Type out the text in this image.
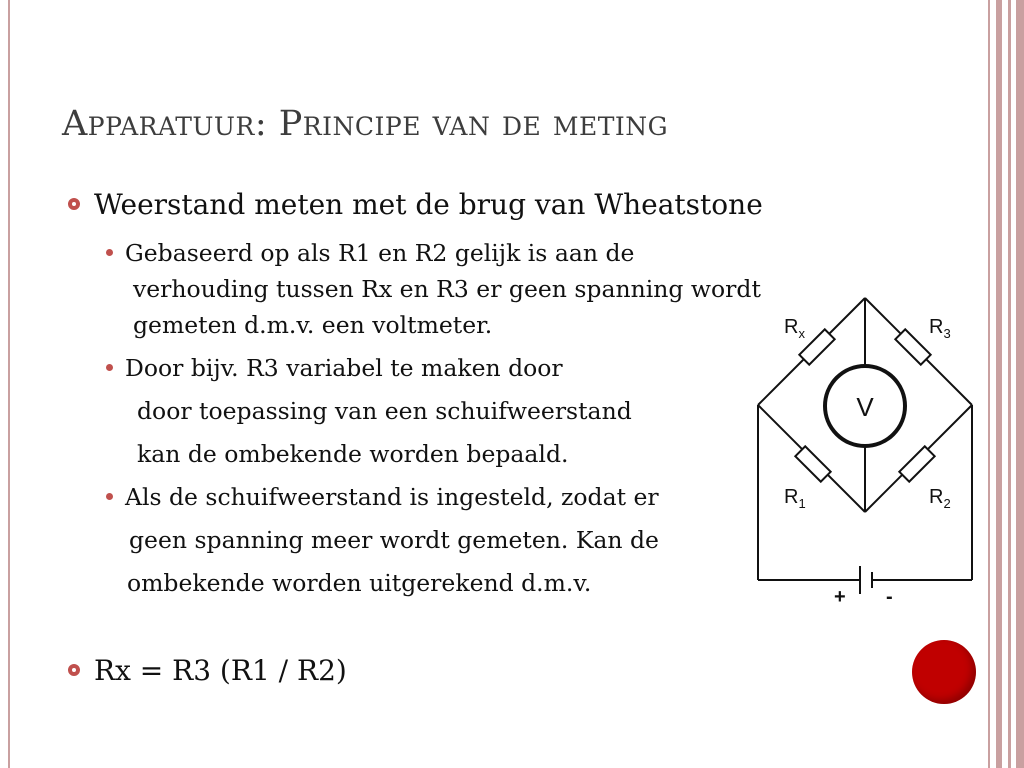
Apparatuur: Principe van de meting
Weerstand meten met de brug van Wheatstone
Gebaseerd op als R1 en R2 gelijk is aan de
verhouding tussen Rx en R3 er geen spanning wordt
gemeten d.m.v. een voltmeter.
Door bijv. R3 variabel te maken door
door toepassing van een schuifweerstand
kan de ombekende worden bepaald.
Als de schuifweerstand is ingesteld, zodat er
geen spanning meer wordt gemeten. Kan de
ombekende worden uitgerekend d.m.v.
Rx = R3 (R1 / R2)
V
+ -
$R_x$	$R_3$
$R_1$	$R_2$
